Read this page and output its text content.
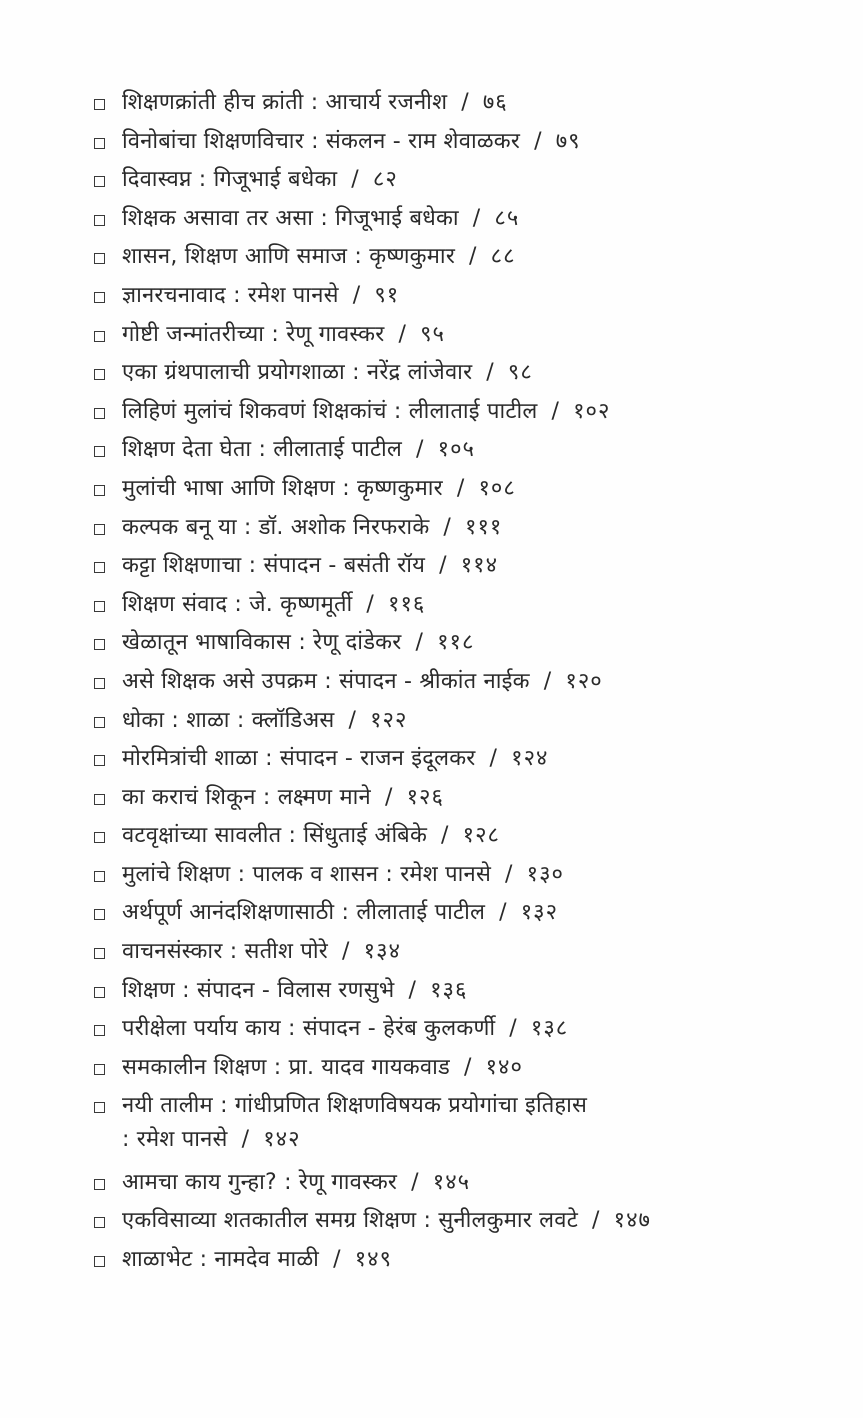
शिक्षणक्रांती हीच क्रांती : आचार्य रजनीश / ७६
विनोबांचा शिक्षणविचार : संकलन - राम शेवाळकर / ७९
दिवास्वप्न : गिजूभाई बधेका / ८२
शिक्षक असावा तर असा : गिजूभाई बधेका / ८५
शासन, शिक्षण आणि समाज : कृष्णकुमार / ८८
ज्ञानरचनावाद : रमेश पानसे / ९१
गोष्टी जन्मांतरीच्या : रेणू गावस्कर / ९५
एका ग्रंथपालाची प्रयोगशाळा : नरेंद्र लांजेवार / ९८
लिहिणं मुलांचं शिकवणं शिक्षकांचं : लीलाताई पाटील / १०२
शिक्षण देता घेता : लीलाताई पाटील / १०५
मुलांची भाषा आणि शिक्षण : कृष्णकुमार / १०८
कल्पक बनू या : डॉ. अशोक निरफराके / १११
कट्टा शिक्षणाचा : संपादन - बसंती रॉय / ११४
शिक्षण संवाद : जे. कृष्णमूर्ती / ११६
खेळातून भाषाविकास : रेणू दांडेकर / ११८
असे शिक्षक असे उपक्रम : संपादन - श्रीकांत नाईक / १२०
धोका : शाळा : क्लॉडिअस / १२२
मोरमित्रांची शाळा : संपादन - राजन इंदूलकर / १२४
का कराचं शिकून : लक्ष्मण माने / १२६
वटवृक्षांच्या सावलीत : सिंधुताई अंबिके / १२८
मुलांचे शिक्षण : पालक व शासन : रमेश पानसे / १३०
अर्थपूर्ण आनंदशिक्षणासाठी : लीलाताई पाटील / १३२
वाचनसंस्कार : सतीश पोरे / १३४
शिक्षण : संपादन - विलास रणसुभे / १३६
परीक्षेला पर्याय काय : संपादन - हेरंब कुलकर्णी / १३८
समकालीन शिक्षण : प्रा. यादव गायकवाड / १४०
नयी तालीम : गांधीप्रणित शिक्षणविषयक प्रयोगांचा इतिहास
: रमेश पानसे / १४२
आमचा काय गुन्हा? : रेणू गावस्कर / १४५
एकविसाव्या शतकातील समग्र शिक्षण : सुनीलकुमार लवटे / १४७
शाळाभेट : नामदेव माळी / १४९
